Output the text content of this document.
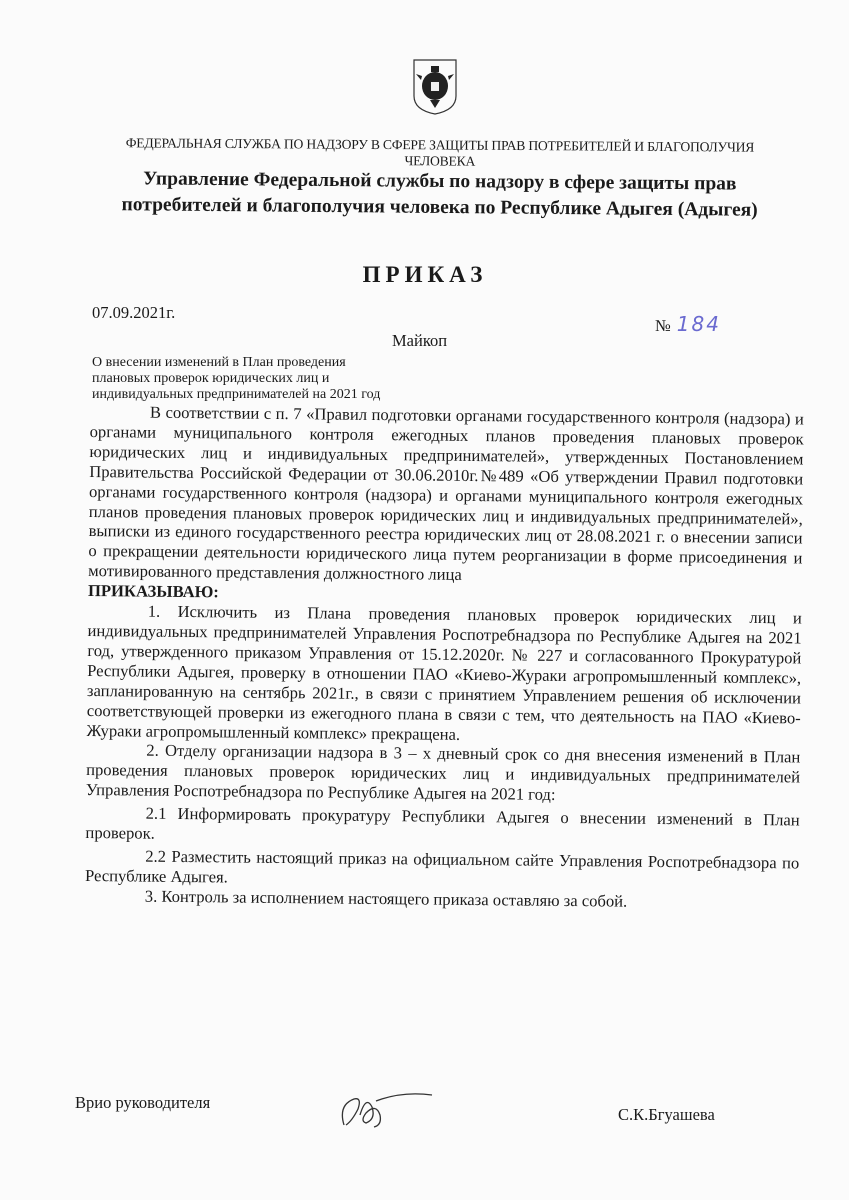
ФЕДЕРАЛЬНАЯ СЛУЖБА ПО НАДЗОРУ В СФЕРЕ ЗАЩИТЫ ПРАВ ПОТРЕБИТЕЛЕЙ И БЛАГОПОЛУЧИЯ ЧЕЛОВЕКА
Управление Федеральной службы по надзору в сфере защиты прав
потребителей и благополучия человека по Республике Адыгея (Адыгея)
ПРИКАЗ
07.09.2021г.
№ 184
Майкоп
О внесении изменений в План проведения
плановых проверок юридических лиц и
индивидуальных предпринимателей на 2021 год

В соответствии с п. 7 «Правил подготовки органами государственного контроля (надзора) и органами муниципального контроля ежегодных планов проведения плановых проверок юридических лиц и индивидуальных предпринимателей», утвержденных Постановлением Правительства Российской Федерации от 30.06.2010г.№489 «Об утверждении Правил подготовки органами государственного контроля (надзора) и органами муниципального контроля ежегодных планов проведения плановых проверок юридических лиц и индивидуальных предпринимателей», выписки из единого государственного реестра юридических лиц от 28.08.2021 г. о внесении записи о прекращении деятельности юридического лица путем реорганизации в форме присоединения и мотивированного представления должностного лица

ПРИКАЗЫВАЮ:

1. Исключить из Плана проведения плановых проверок юридических лиц и индивидуальных предпринимателей Управления Роспотребнадзора по Республике Адыгея на 2021 год, утвержденного приказом Управления от 15.12.2020г. № 227 и согласованного Прокуратурой Республики Адыгея, проверку в отношении ПАО «Киево-Жураки агропромышленный комплекс», запланированную на сентябрь 2021г., в связи с принятием Управлением решения об исключении соответствующей проверки из ежегодного плана в связи с тем, что деятельность на ПАО «Киево-Жураки агропромышленный комплекс» прекращена.

2. Отделу организации надзора в 3 – х дневный срок со дня внесения изменений в План проведения плановых проверок юридических лиц и индивидуальных предпринимателей Управления Роспотребнадзора по Республике Адыгея на 2021 год:

2.1 Информировать прокуратуру Республики Адыгея о внесении изменений в План проверок.

2.2 Разместить настоящий приказ на официальном сайте Управления Роспотребнадзора по Республике Адыгея.

3. Контроль за исполнением настоящего приказа оставляю за собой.

Врио руководителя
С.К.Бгуашева
